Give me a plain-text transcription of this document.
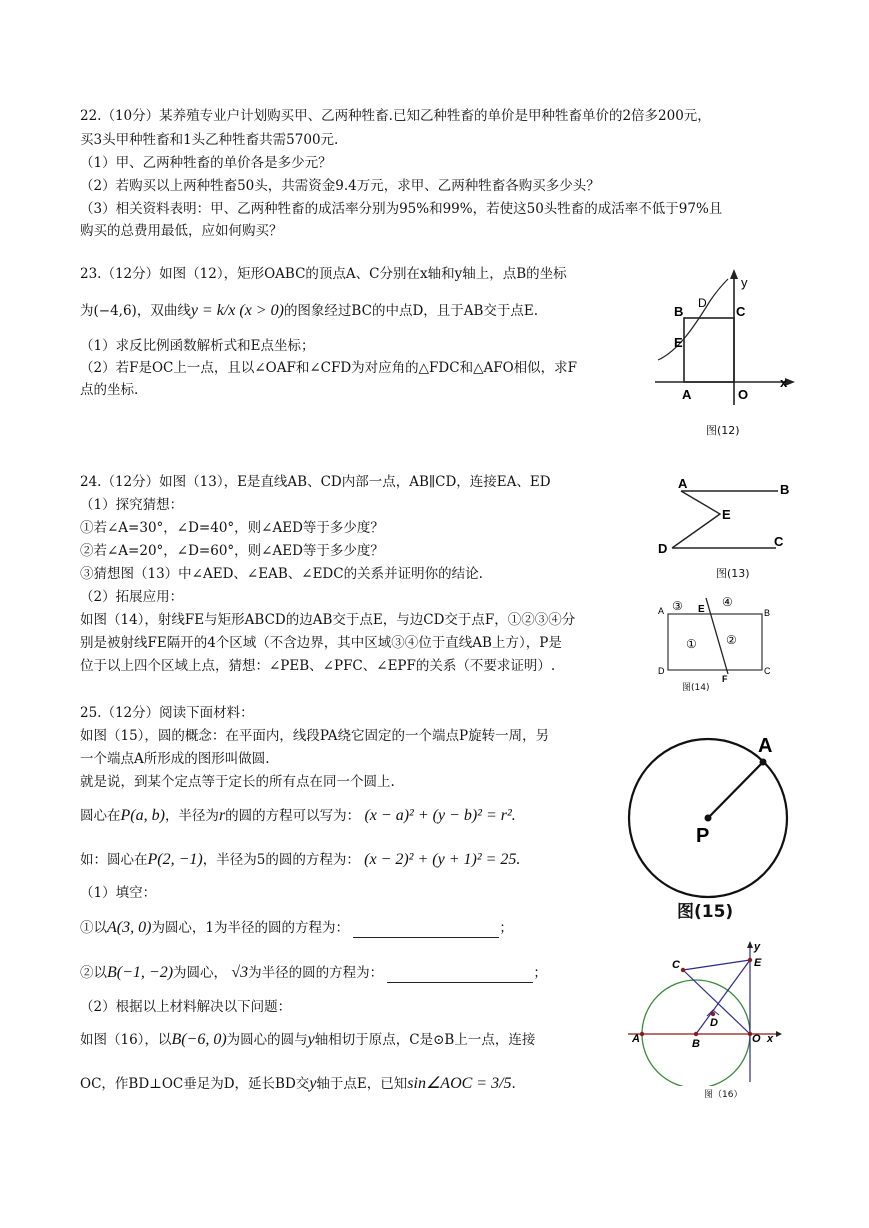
22.（10分）某养殖专业户计划购买甲、乙两种牲畜.已知乙种牲畜的单价是甲种牲畜单价的2倍多200元，
买3头甲种牲畜和1头乙种牲畜共需5700元.
（1）甲、乙两种牲畜的单价各是多少元？
（2）若购买以上两种牲畜50头，共需资金9.4万元，求甲、乙两种牲畜各购买多少头？
（3）相关资料表明：甲、乙两种牲畜的成活率分别为95%和99%，若使这50头牲畜的成活率不低于97%且
购买的总费用最低，应如何购买？
23.（12分）如图（12），矩形OABC的顶点A、C分别在x轴和y轴上，点B的坐标
为(−4,6)，双曲线y = k/x (x > 0)的图象经过BC的中点D，且于AB交于点E.
（1）求反比例函数解析式和E点坐标；
（2）若F是OC上一点，且以∠OAF和∠CFD为对应角的△FDC和△AFO相似，求F
点的坐标.
y
x
B	C
D
E
A	O
图(12)
24.（12分）如图（13），E是直线AB、CD内部一点，AB∥CD，连接EA、ED
（1）探究猜想：
①若∠A=30°，∠D=40°，则∠AED等于多少度？
②若∠A=20°，∠D=60°，则∠AED等于多少度？
③猜想图（13）中∠AED、∠EAB、∠EDC的关系并证明你的结论.
（2）拓展应用：
如图（14），射线FE与矩形ABCD的边AB交于点E，与边CD交于点F，①②③④分
别是被射线FE隔开的4个区域（不含边界，其中区域③④位于直线AB上方），P是
位于以上四个区域上点，猜想：∠PEB、∠PFC、∠EPF的关系（不要求证明）.
A	B
E
D	C
图(13)
A	E	B
D
F
C
③	④
① ②
图(14)
25.（12分）阅读下面材料：
如图（15），圆的概念：在平面内，线段PA绕它固定的一个端点P旋转一周，另
一个端点A所形成的图形叫做圆.
就是说，到某个定点等于定长的所有点在同一个圆上.
圆心在P(a, b)，半径为r的圆的方程可以写为： (x − a)² + (y − b)² = r².
如：圆心在P(2, −1)，半径为5的圆的方程为： (x − 2)² + (y + 1)² = 25.
（1）填空：
①以A(3, 0)为圆心，1为半径的圆的方程为：	；
②以B(−1, −2)为圆心， √3为半径的圆的方程为：	；
（2）根据以上材料解决以下问题：
如图（16），以B(−6, 0)为圆心的圆与y轴相切于原点，C是⊙B上一点，连接
OC，作BD⊥OC垂足为D，延长BD交y轴于点E，已知sin∠AOC = 3/5.
A
P
图(15)
y
C	E
D
A	B	O x
图（16）
